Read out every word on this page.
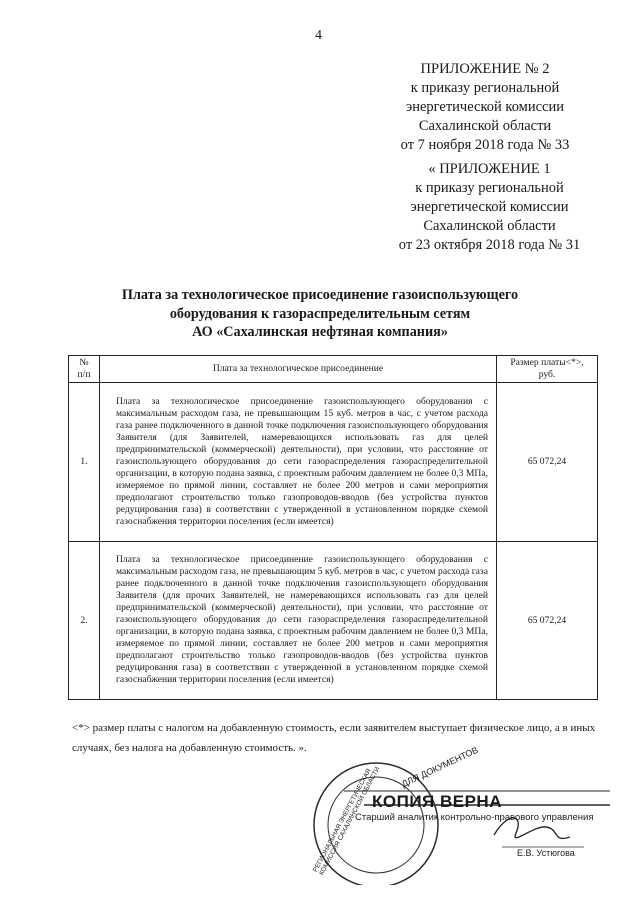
4
ПРИЛОЖЕНИЕ № 2
к приказу региональной
энергетической комиссии
Сахалинской области
от 7 ноября 2018 года № 33
« ПРИЛОЖЕНИЕ 1
к приказу региональной
энергетической комиссии
Сахалинской области
от 23 октября 2018 года № 31
Плата за технологическое присоединение газоиспользующего
оборудования к газораспределительным сетям
АО «Сахалинская нефтяная компания»
№
п/п	Плата за технологическое присоединение	Размер платы<*>,
руб.
1.	Плата за технологическое присоединение газоиспользующего оборудования с максимальным расходом газа, не превышающим 15 куб. метров в час, с учетом расхода газа ранее подключенного в данной точке подключения газоиспользующего оборудования Заявителя (для Заявителей, намеревающихся использовать газ для целей предпринимательской (коммерческой) деятельности), при условии, что расстояние от газоиспользующего оборудования до сети газораспределения газораспределительной организации, в которую подана заявка, с проектным рабочим давлением не более 0,3 МПа, измеряемое по прямой линии, составляет не более 200 метров и сами мероприятия предполагают строительство только газопроводов-вводов (без устройства пунктов редуцирования газа) в соответствии с утвержденной в установленном порядке схемой газоснабжения территории поселения (если имеется)	65 072,24
2.	Плата за технологическое присоединение газоиспользующего оборудования с максимальным расходом газа, не превышающим 5 куб. метров в час, с учетом расхода газа ранее подключенного в данной точке подключения газоиспользующего оборудования Заявителя (для прочих Заявителей, не намеревающихся использовать газ для целей предпринимательской (коммерческой) деятельности), при условии, что расстояние от газоиспользующего оборудования до сети газораспределения газораспределительной организации, в которую подана заявка, с проектным рабочим давлением не более 0,3 МПа, измеряемое по прямой линии, составляет не более 200 метров и сами мероприятия предполагают строительство только газопроводов-вводов (без устройства пунктов редуцирования газа) в соответствии с утвержденной в установленном порядке схемой газоснабжения территории поселения (если имеется)	65 072,24
<*> размер платы с налогом на добавленную стоимость, если заявителем выступает физическое лицо, а в иных случаях, без налога на добавленную стоимость. ».
РЕГИОНАЛЬНАЯ ЭНЕРГЕТИЧЕСКАЯ КОМИССИЯ САХАЛИНСКОЙ ОБЛАСТИ	ДЛЯ ДОКУМЕНТОВ
КОПИЯ ВЕРНА
Старший аналитик контрольно-правового управления
Е.В. Устюгова
